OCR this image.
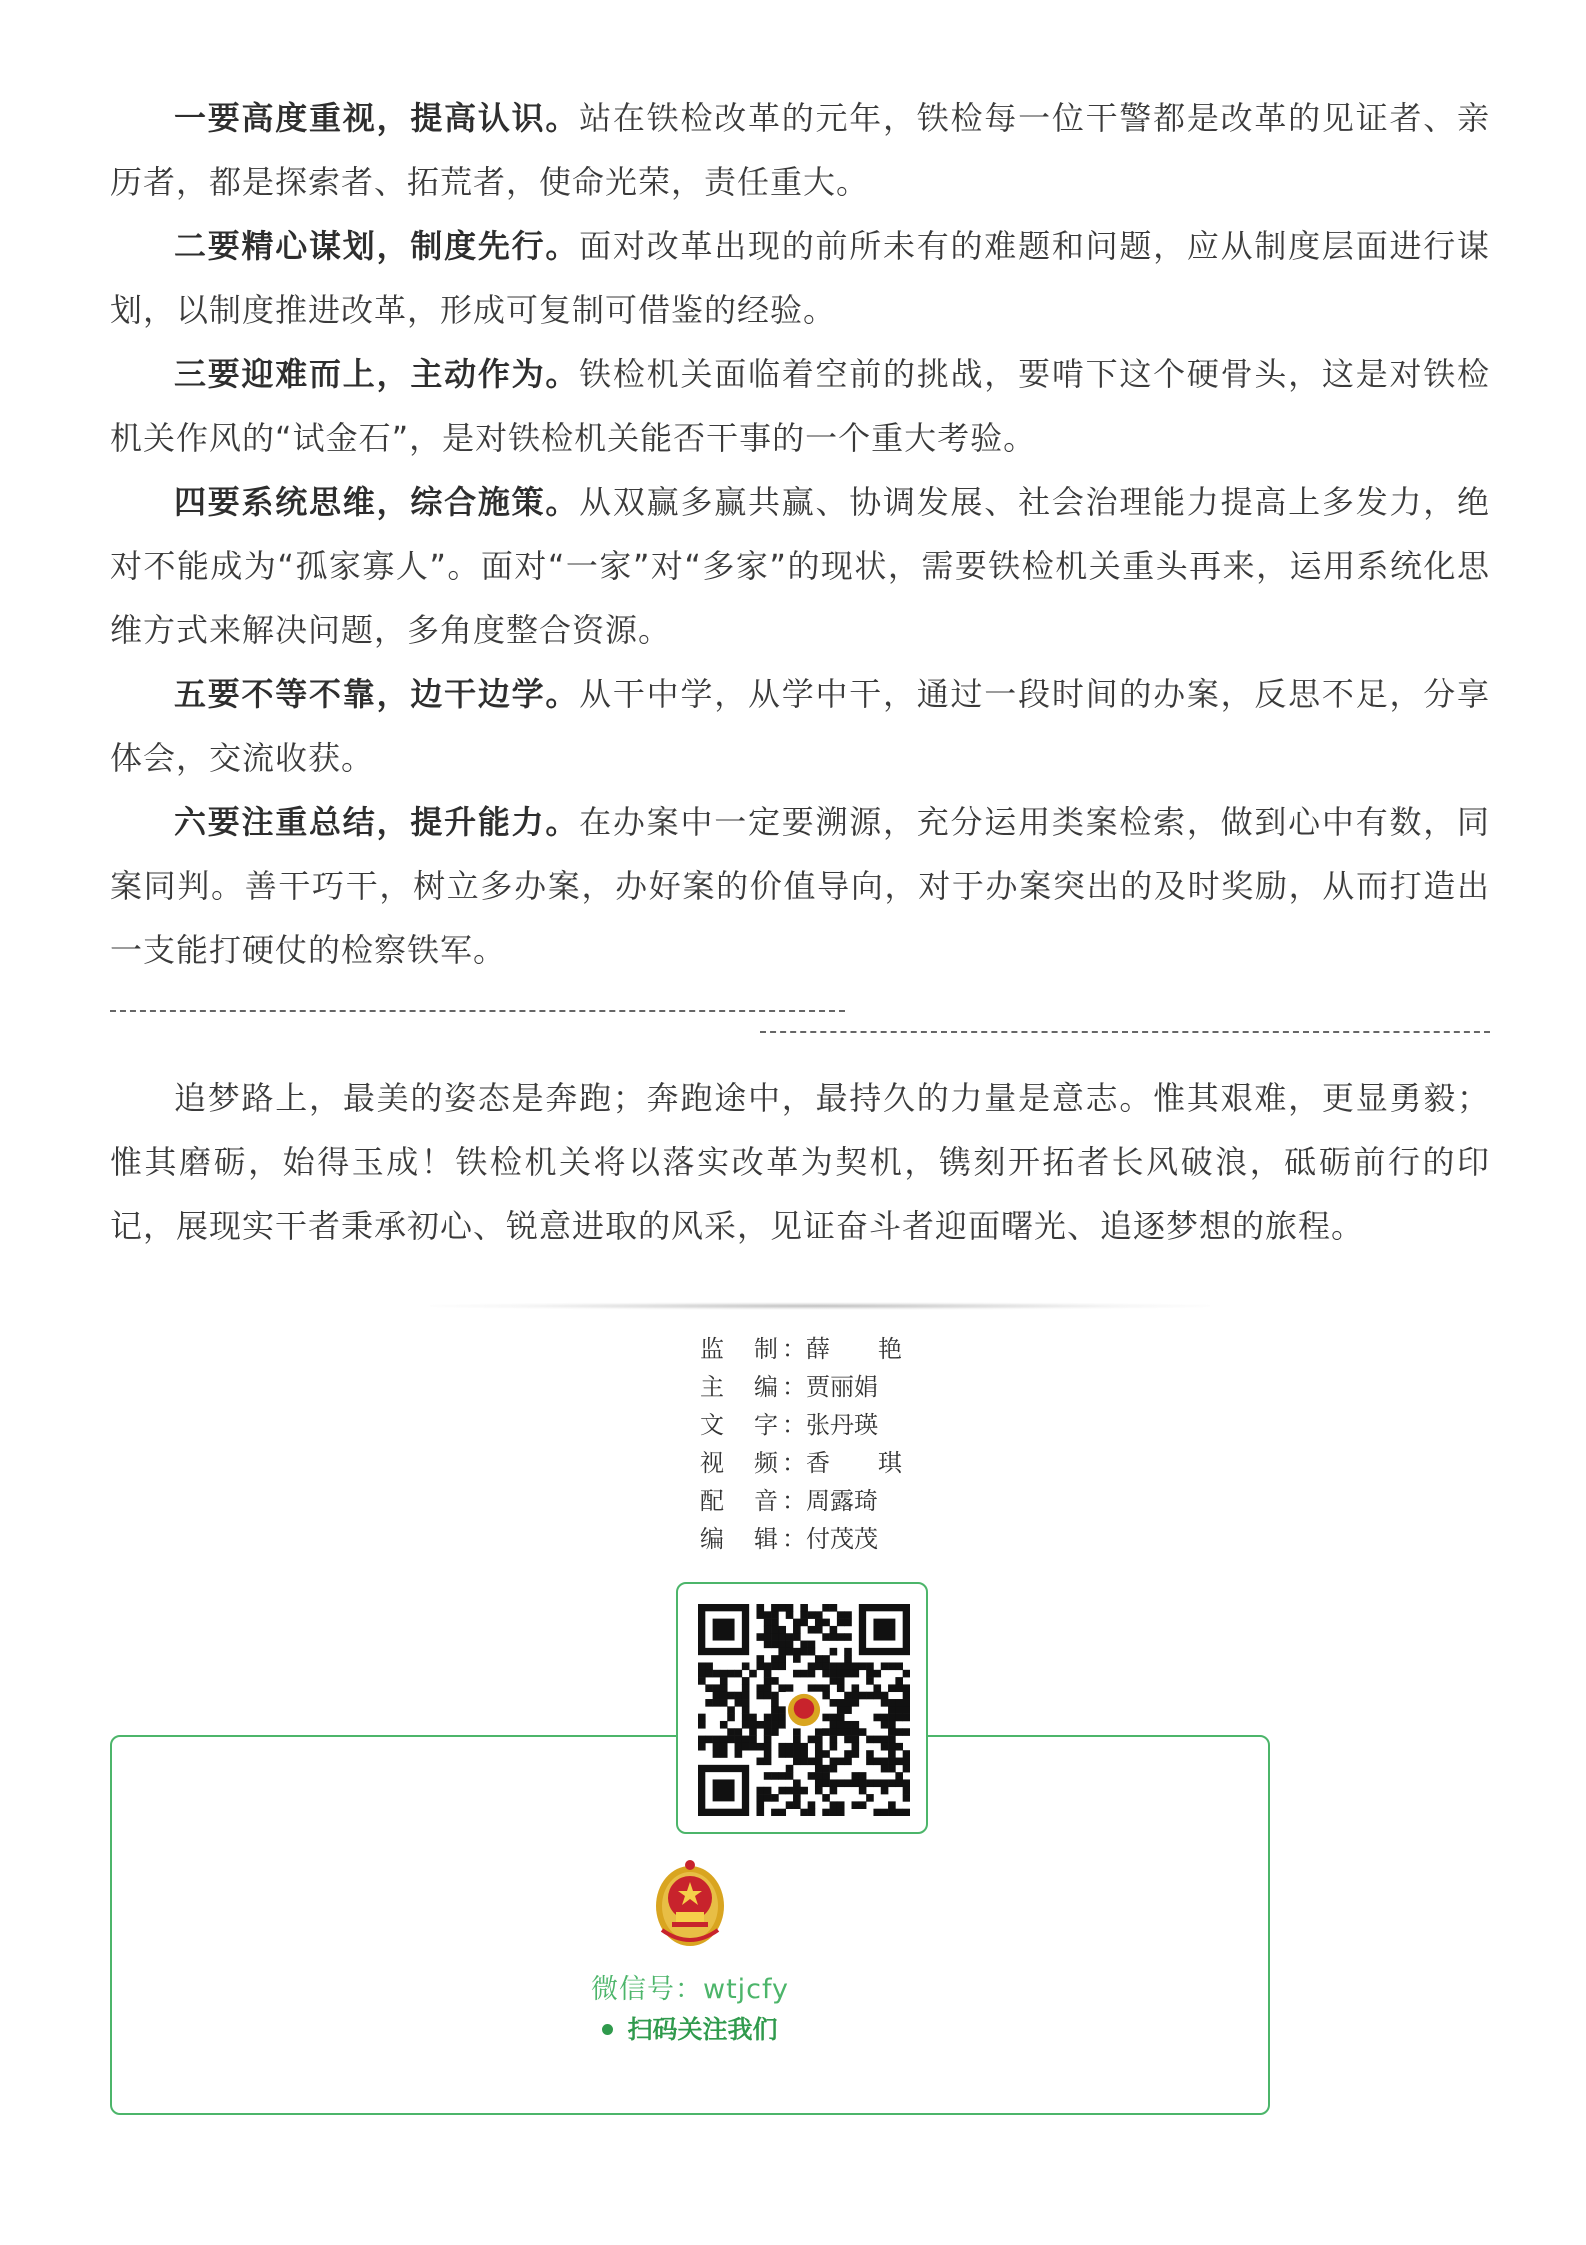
一要高度重视，提高认识。站在铁检改革的元年，铁检每一位干警都是改革的见证者、亲历者，都是探索者、拓荒者，使命光荣，责任重大。

二要精心谋划，制度先行。面对改革出现的前所未有的难题和问题，应从制度层面进行谋划，以制度推进改革，形成可复制可借鉴的经验。

三要迎难而上，主动作为。铁检机关面临着空前的挑战，要啃下这个硬骨头，这是对铁检机关作风的“试金石”，是对铁检机关能否干事的一个重大考验。

四要系统思维，综合施策。从双赢多赢共赢、协调发展、社会治理能力提高上多发力，绝对不能成为“孤家寡人”。面对“一家”对“多家”的现状，需要铁检机关重头再来，运用系统化思维方式来解决问题，多角度整合资源。

五要不等不靠，边干边学。从干中学，从学中干，通过一段时间的办案，反思不足，分享体会，交流收获。

六要注重总结，提升能力。在办案中一定要溯源，充分运用类案检索，做到心中有数，同案同判。善干巧干，树立多办案，办好案的价值导向，对于办案突出的及时奖励，从而打造出一支能打硬仗的检察铁军。

追梦路上，最美的姿态是奔跑；奔跑途中，最持久的力量是意志。惟其艰难，更显勇毅；惟其磨砺，始得玉成！铁检机关将以落实改革为契机，镌刻开拓者长风破浪，砥砺前行的印记，展现实干者秉承初心、锐意进取的风采，见证奋斗者迎面曙光、追逐梦想的旅程。

监 制 ： 薛 艳
主 编 ： 贾丽娟
文 字 ： 张丹瑛
视 频 ： 香 琪
配 音 ： 周露琦
编 辑 ： 付茂茂
微信号：wtjcfy
扫码关注我们
